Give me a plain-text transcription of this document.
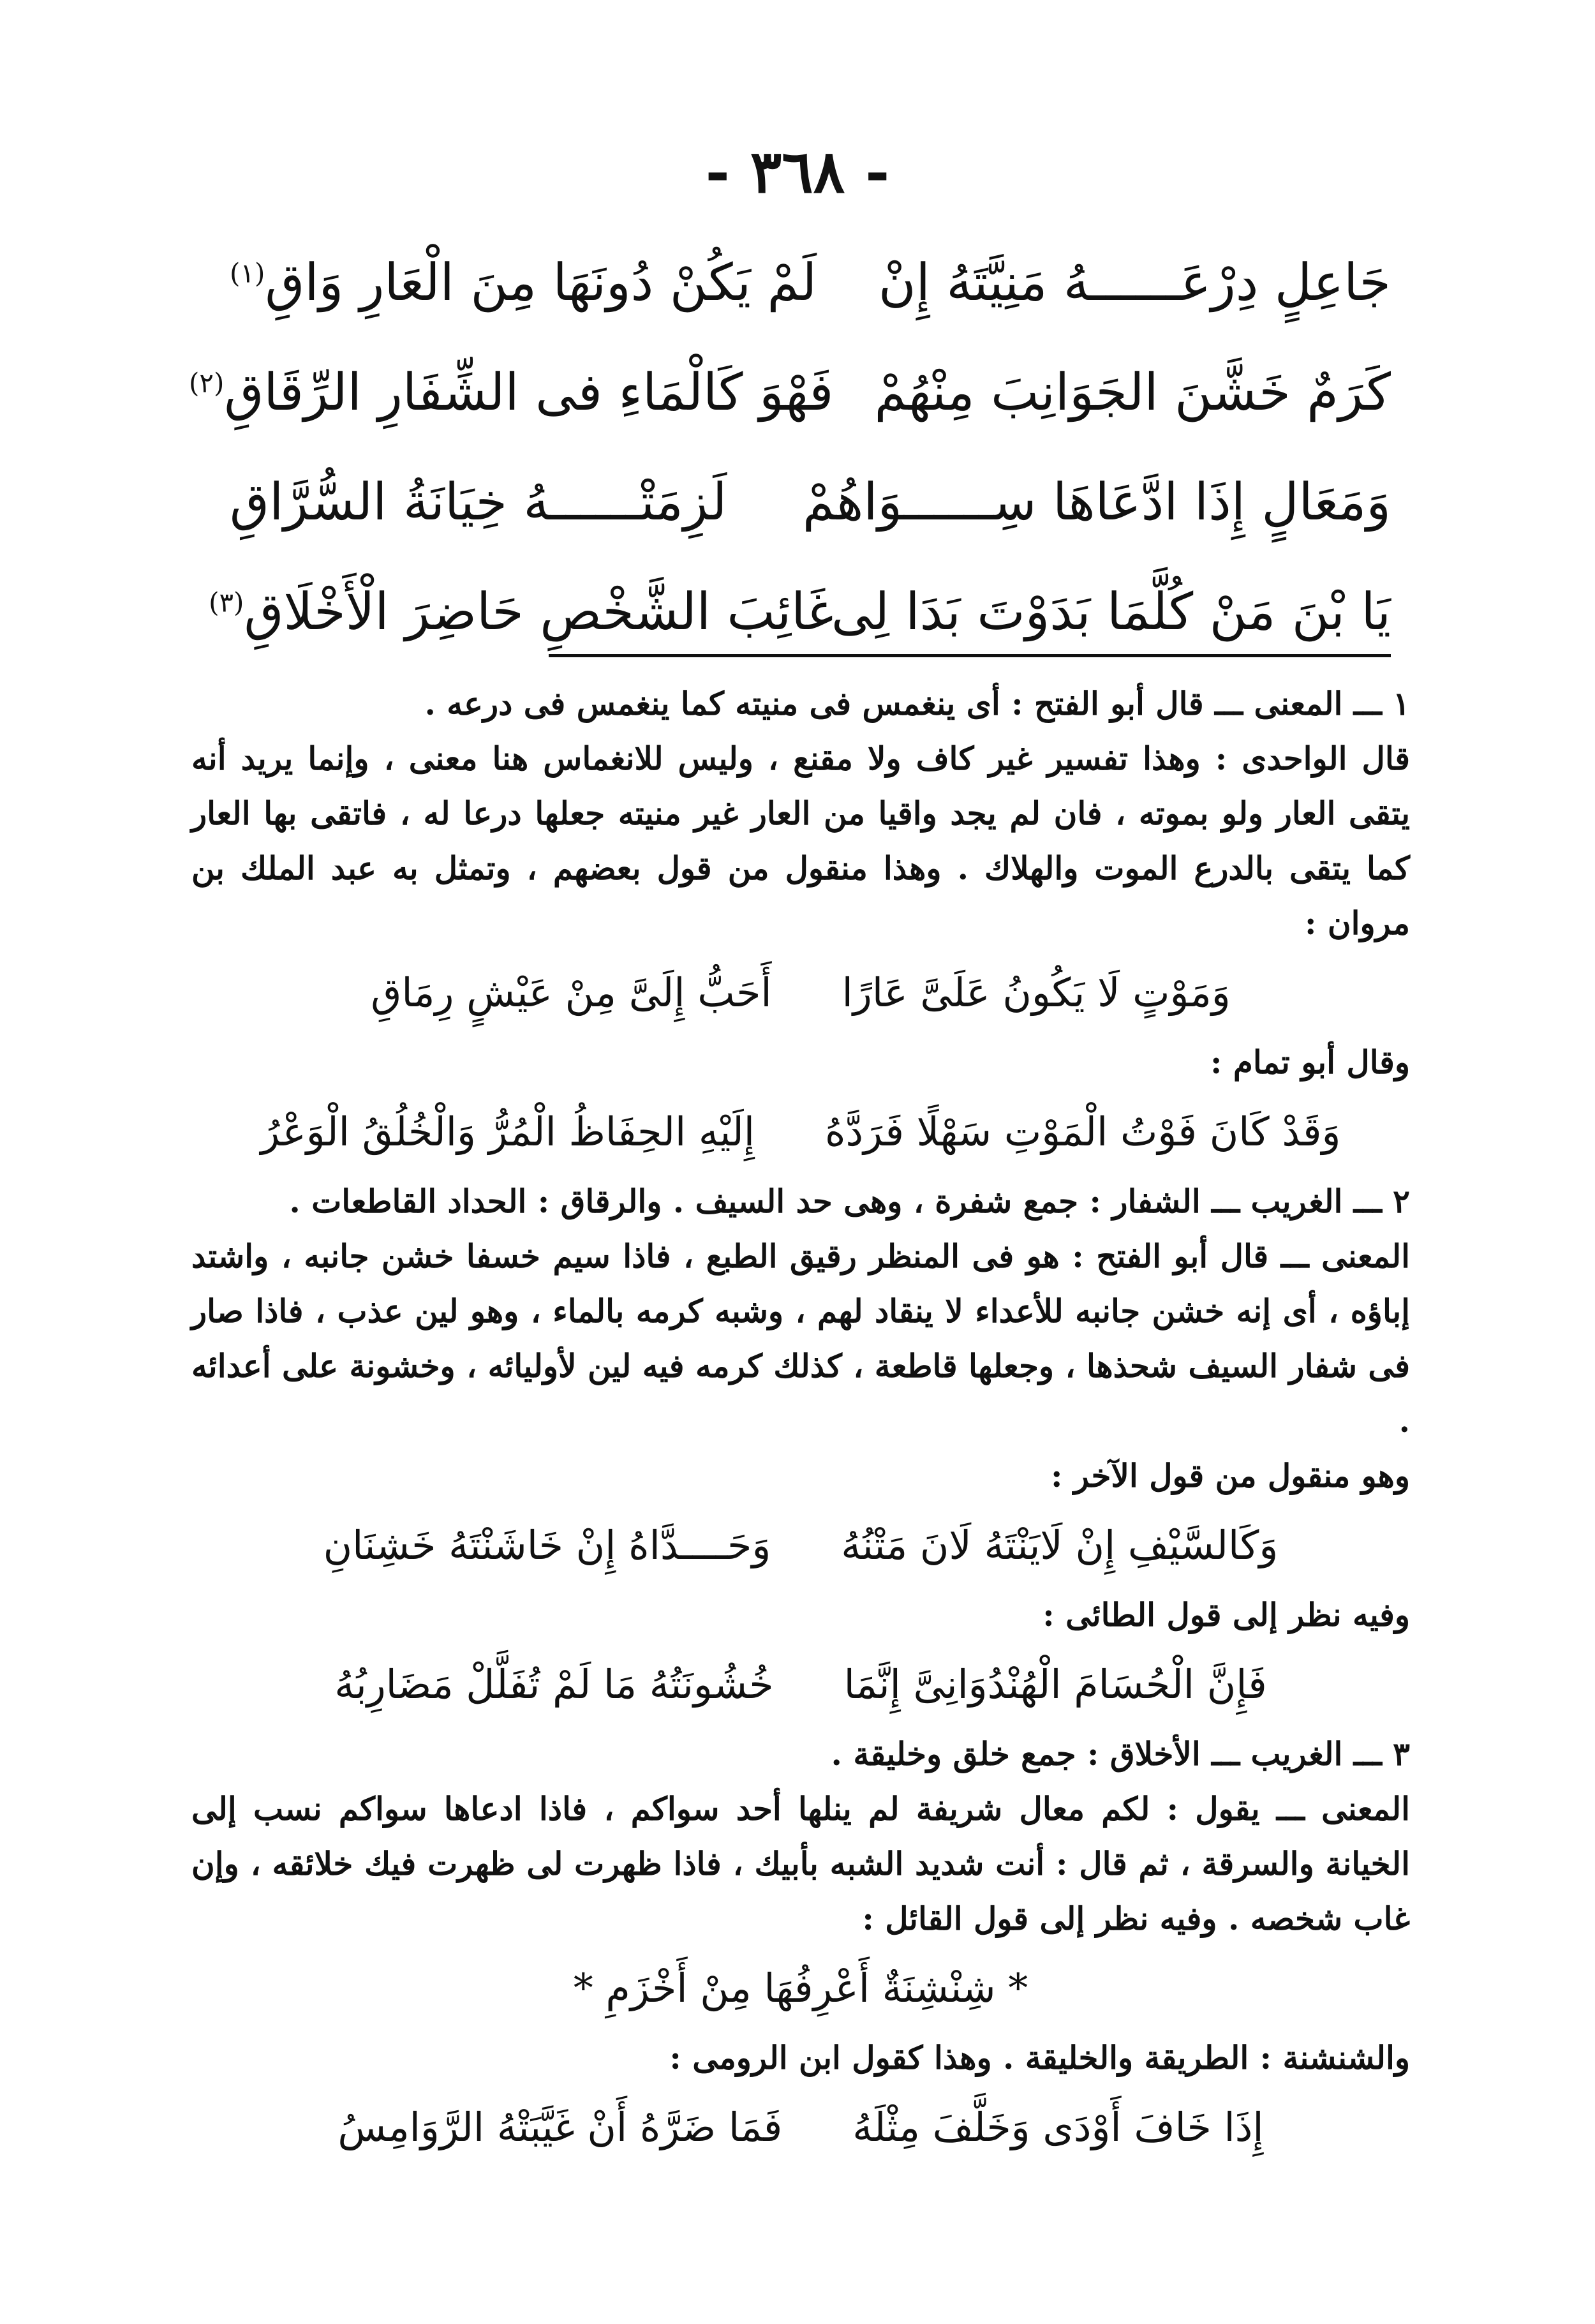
- ٣٦٨ -
جَاعِلٍ دِرْعَــــــهُ مَنِيَّتَهُ إِنْ
لَمْ يَكُنْ دُونَهَا مِنَ الْعَارِ وَاقِ$^{(١)}$
كَرَمٌ خَشَّنَ الجَوَانِبَ مِنْهُمْ
فَهْوَ كَالْمَاءِ فى الشِّفَارِ الرِّقَاقِ$^{(٢)}$
وَمَعَالٍ إِذَا ادَّعَاهَا سِــــــوَاهُمْ
لَزِمَتْــــــهُ خِيَانَةُ السُّرَّاقِ
يَا بْنَ مَنْ كُلَّمَا بَدَوْتَ بَدَا لِى
غَائِبَ الشَّخْصِ حَاضِرَ الْأَخْلَاقِ$^{(٣)}$

١ ـــ المعنى ـــ قال أبو الفتح : أى ينغمس فى منيته كما ينغمس فى درعه .

قال الواحدى : وهذا تفسير غير كاف ولا مقنع ، وليس للانغماس هنا معنى ، وإنما يريد أنه يتقى العار ولو بموته ، فان لم يجد واقيا من العار غير منيته جعلها درعا له ، فاتقى بها العار كما يتقى بالدرع الموت والهلاك . وهذا منقول من قول بعضهم ، وتمثل به عبد الملك بن مروان :

وَمَوْتٍ لَا يَكُونُ عَلَىَّ عَارًا
أَحَبُّ إِلَىَّ مِنْ عَيْشٍ رِمَاقِ

وقال أبو تمام :

وَقَدْ كَانَ فَوْتُ الْمَوْتِ سَهْلًا فَرَدَّهُ
إِلَيْهِ الحِفَاظُ الْمُرُّ وَالْخُلُقُ الْوَعْرُ

٢ ـــ الغريب ـــ الشفار : جمع شفرة ، وهى حد السيف . والرقاق : الحداد القاطعات .

المعنى ـــ قال أبو الفتح : هو فى المنظر رقيق الطبع ، فاذا سيم خسفا خشن جانبه ، واشتد إباؤه ، أى إنه خشن جانبه للأعداء لا ينقاد لهم ، وشبه كرمه بالماء ، وهو لين عذب ، فاذا صار فى شفار السيف شحذها ، وجعلها قاطعة ، كذلك كرمه فيه لين لأوليائه ، وخشونة على أعدائه .

وهو منقول من قول الآخر :

وَكَالسَّيْفِ إِنْ لَايَنْتَهُ لَانَ مَتْنُهُ
وَحَــــدَّاهُ إِنْ خَاشَنْتَهُ خَشِنَانِ

وفيه نظر إلى قول الطائى :

فَإِنَّ الْحُسَامَ الْهُنْدُوَانِىَّ إِنَّمَا
خُشُونَتُهُ مَا لَمْ تُفَلَّلْ مَضَارِبُهُ

٣ ـــ الغريب ـــ الأخلاق : جمع خلق وخليقة .

المعنى ـــ يقول : لكم معال شريفة لم ينلها أحد سواكم ، فاذا ادعاها سواكم نسب إلى الخيانة والسرقة ، ثم قال : أنت شديد الشبه بأبيك ، فاذا ظهرت لى ظهرت فيك خلائقه ، وإن غاب شخصه . وفيه نظر إلى قول القائل :

* شِنْشِنَةٌ أَعْرِفُهَا مِنْ أَخْزَمِ *

والشنشنة : الطريقة والخليقة . وهذا كقول ابن الرومى :

إِذَا خَافَ أَوْدَى وَخَلَّفَ مِثْلَهُ
فَمَا ضَرَّهُ أَنْ غَيَّبَتْهُ الرَّوَامِسُ
